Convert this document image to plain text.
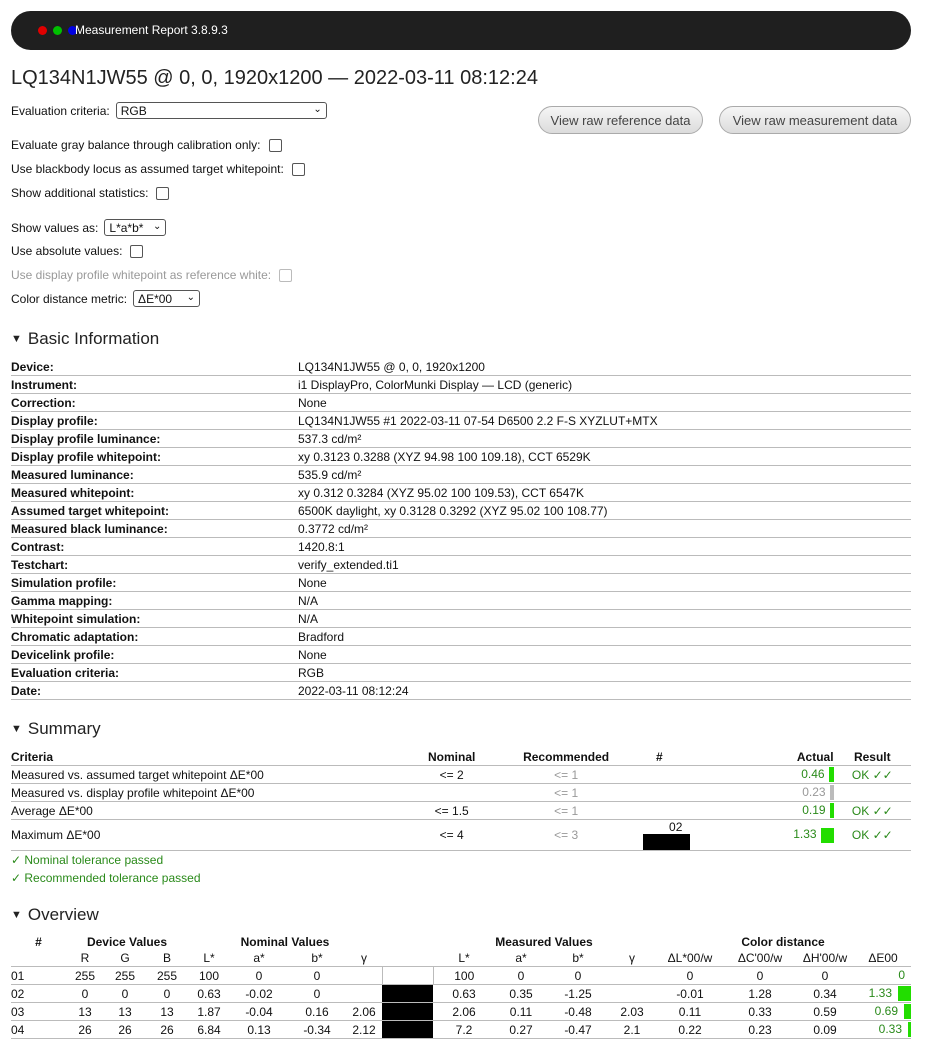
Measurement Report 3.8.9.3
LQ134N1JW55 @ 0, 0, 1920x1200 — 2022-03-11 08:12:24
Evaluation criteria: RGB	⌄
View raw reference data	View raw measurement data
Evaluate gray balance through calibration only:
Use blackbody locus as assumed target whitepoint:
Show additional statistics:
Show values as: L*a*b* ⌄
Use absolute values:
Use display profile whitepoint as reference white:
Color distance metric: ΔE*00 ⌄
▼ Basic Information
Device:	LQ134N1JW55 @ 0, 0, 1920x1200
Instrument:	i1 DisplayPro, ColorMunki Display — LCD (generic)
Correction:	None
Display profile:	LQ134N1JW55 #1 2022-03-11 07-54 D6500 2.2 F-S XYZLUT+MTX
Display profile luminance:	537.3 cd/m²
Display profile whitepoint:	xy 0.3123 0.3288 (XYZ 94.98 100 109.18), CCT 6529K
Measured luminance:	535.9 cd/m²
Measured whitepoint:	xy 0.312 0.3284 (XYZ 95.02 100 109.53), CCT 6547K
Assumed target whitepoint:	6500K daylight, xy 0.3128 0.3292 (XYZ 95.02 100 108.77)
Measured black luminance:	0.3772 cd/m²
Contrast:	1420.8:1
Testchart:	verify_extended.ti1
Simulation profile:	None
Gamma mapping:	N/A
Whitepoint simulation:	N/A
Chromatic adaptation:	Bradford
Devicelink profile:	None
Evaluation criteria:	RGB
Date:	2022-03-11 08:12:24
▼ Summary
Criteria	Nominal	Recommended	#	Actual	Result
Measured vs. assumed target whitepoint ΔE*00	<= 2	<= 1		0.46	OK ✓✓
Measured vs. display profile whitepoint ΔE*00		<= 1		0.23	
Average ΔE*00	<= 1.5	<= 1		0.19	OK ✓✓
Maximum ΔE*00	<= 4	<= 3	02	1.33	OK ✓✓
✓ Nominal tolerance passed
✓ Recommended tolerance passed
▼ Overview
#	Device Values			Nominal Values					Measured Values				Color distance			
	R	G	B	L*	a*	b*	γ		L*	a*	b*	γ	ΔL*00/w	ΔC'00/w	ΔH'00/w	ΔE00
01	255	255	255	100	0	0			100	0	0		0	0	0	0
02	0	0	0	0.63	-0.02	0			0.63	0.35	-1.25		-0.01	1.28	0.34	1.33
03	13	13	13	1.87	-0.04	0.16	2.06		2.06	0.11	-0.48	2.03	0.11	0.33	0.59	0.69
04	26	26	26	6.84	0.13	-0.34	2.12		7.2	0.27	-0.47	2.1	0.22	0.23	0.09	0.33
